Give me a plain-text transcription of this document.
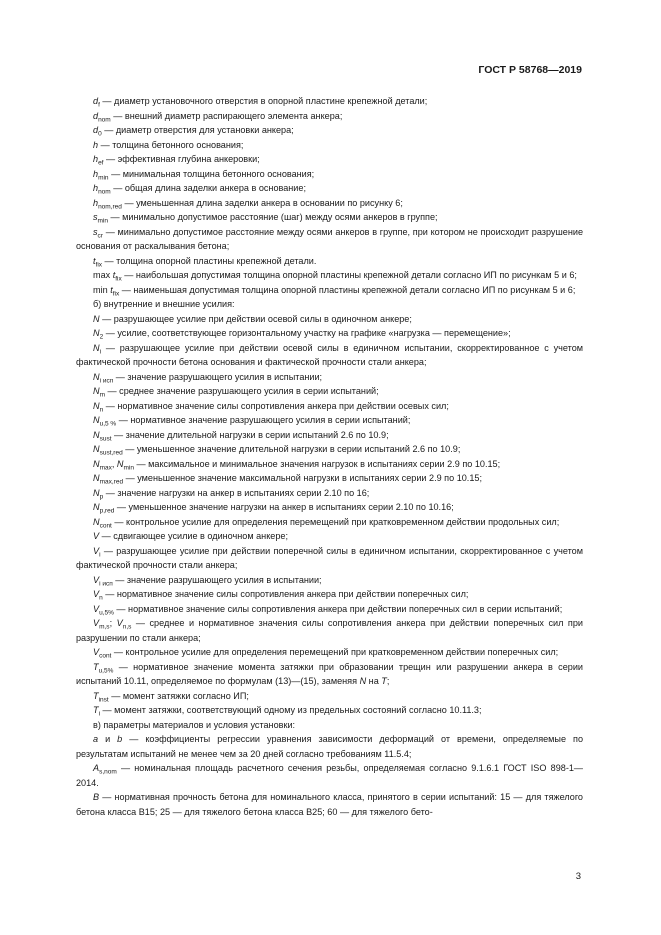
ГОСТ Р 58768—2019

$d_f$ — диаметр установочного отверстия в опорной пластине крепежной детали;

$d_{nom}$ — внешний диаметр распирающего элемента анкера;

$d_0$ — диаметр отверстия для установки анкера;

h — толщина бетонного основания;

$h_{ef}$ — эффективная глубина анкеровки;

$h_{min}$ — минимальная толщина бетонного основания;

$h_{nom}$ — общая длина заделки анкера в основание;

$h_{nom,red}$ — уменьшенная длина заделки анкера в основании по рисунку 6;

$s_{min}$ — минимально допустимое расстояние (шаг) между осями анкеров в группе;

$s_{cr}$ — минимально допустимое расстояние между осями анкеров в группе, при котором не происходит разрушение основания от раскалывания бетона;

$t_{fix}$ — толщина опорной пластины крепежной детали.

$\max t_{fix}$ — наибольшая допустимая толщина опорной пластины крепежной детали согласно ИП по рисункам 5 и 6;

$\min t_{fix}$ — наименьшая допустимая толщина опорной пластины крепежной детали согласно ИП по рисункам 5 и 6;

б) внутренние и внешние усилия:

N — разрушающее усилие при действии осевой силы в одиночном анкере;

$N_2$ — усилие, соответствующее горизонтальному участку на графике «нагрузка — перемещение»;

$N_i$ — разрушающее усилие при действии осевой силы в единичном испытании, скорректированное с учетом фактической прочности бетона основания и фактической прочности стали анкера;

$N_{i исп}$ — значение разрушающего усилия в испытании;

$N_m$ — среднее значение разрушающего усилия в серии испытаний;

$N_n$ — нормативное значение силы сопротивления анкера при действии осевых сил;

$N_{u,5 \%}$ — нормативное значение разрушающего усилия в серии испытаний;

$N_{sust}$ — значение длительной нагрузки в серии испытаний 2.6 по 10.9;

$N_{sust,red}$ — уменьшенное значение длительной нагрузки в серии испытаний 2.6 по 10.9;

$N_{max}$, $N_{min}$ — максимальное и минимальное значения нагрузок в испытаниях серии 2.9 по 10.15;

$N_{max,red}$ — уменьшенное значение максимальной нагрузки в испытаниях серии 2.9 по 10.15;

$N_p$ — значение нагрузки на анкер в испытаниях серии 2.10 по 16;

$N_{p,red}$ — уменьшенное значение нагрузки на анкер в испытаниях серии 2.10 по 10.16;

$N_{cont}$ — контрольное усилие для определения перемещений при кратковременном действии продольных сил;

V — сдвигающее усилие в одиночном анкере;

$V_i$ — разрушающее усилие при действии поперечной силы в единичном испытании, скорректированное с учетом фактической прочности стали анкера;

$V_{i исп}$ — значение разрушающего усилия в испытании;

$V_n$ — нормативное значение силы сопротивления анкера при действии поперечных сил;

$V_{u,5\%}$ — нормативное значение силы сопротивления анкера при действии поперечных сил в серии испытаний;

$V_{m,s}$; $V_{n,s}$ — среднее и нормативное значения силы сопротивления анкера при действии поперечных сил при разрушении по стали анкера;

$V_{cont}$ — контрольное усилие для определения перемещений при кратковременном действии поперечных сил;

$T_{u,5\%}$ — нормативное значение момента затяжки при образовании трещин или разрушении анкера в серии испытаний 10.11, определяемое по формулам (13)—(15), заменяя N на T;

$T_{inst}$ — момент затяжки согласно ИП;

$T_i$ — момент затяжки, соответствующий одному из предельных состояний согласно 10.11.3;

в) параметры материалов и условия установки:

a и b — коэффициенты регрессии уравнения зависимости деформаций от времени, определяемые по результатам испытаний не менее чем за 20 дней согласно требованиям 11.5.4;

$A_{s,nom}$ — номинальная площадь расчетного сечения резьбы, определяемая согласно 9.1.6.1 ГОСТ ISO 898-1—2014.

B — нормативная прочность бетона для номинального класса, принятого в серии испытаний: 15 — для тяжелого бетона класса В15; 25 — для тяжелого бетона класса В25; 60 — для тяжелого бето-

3
